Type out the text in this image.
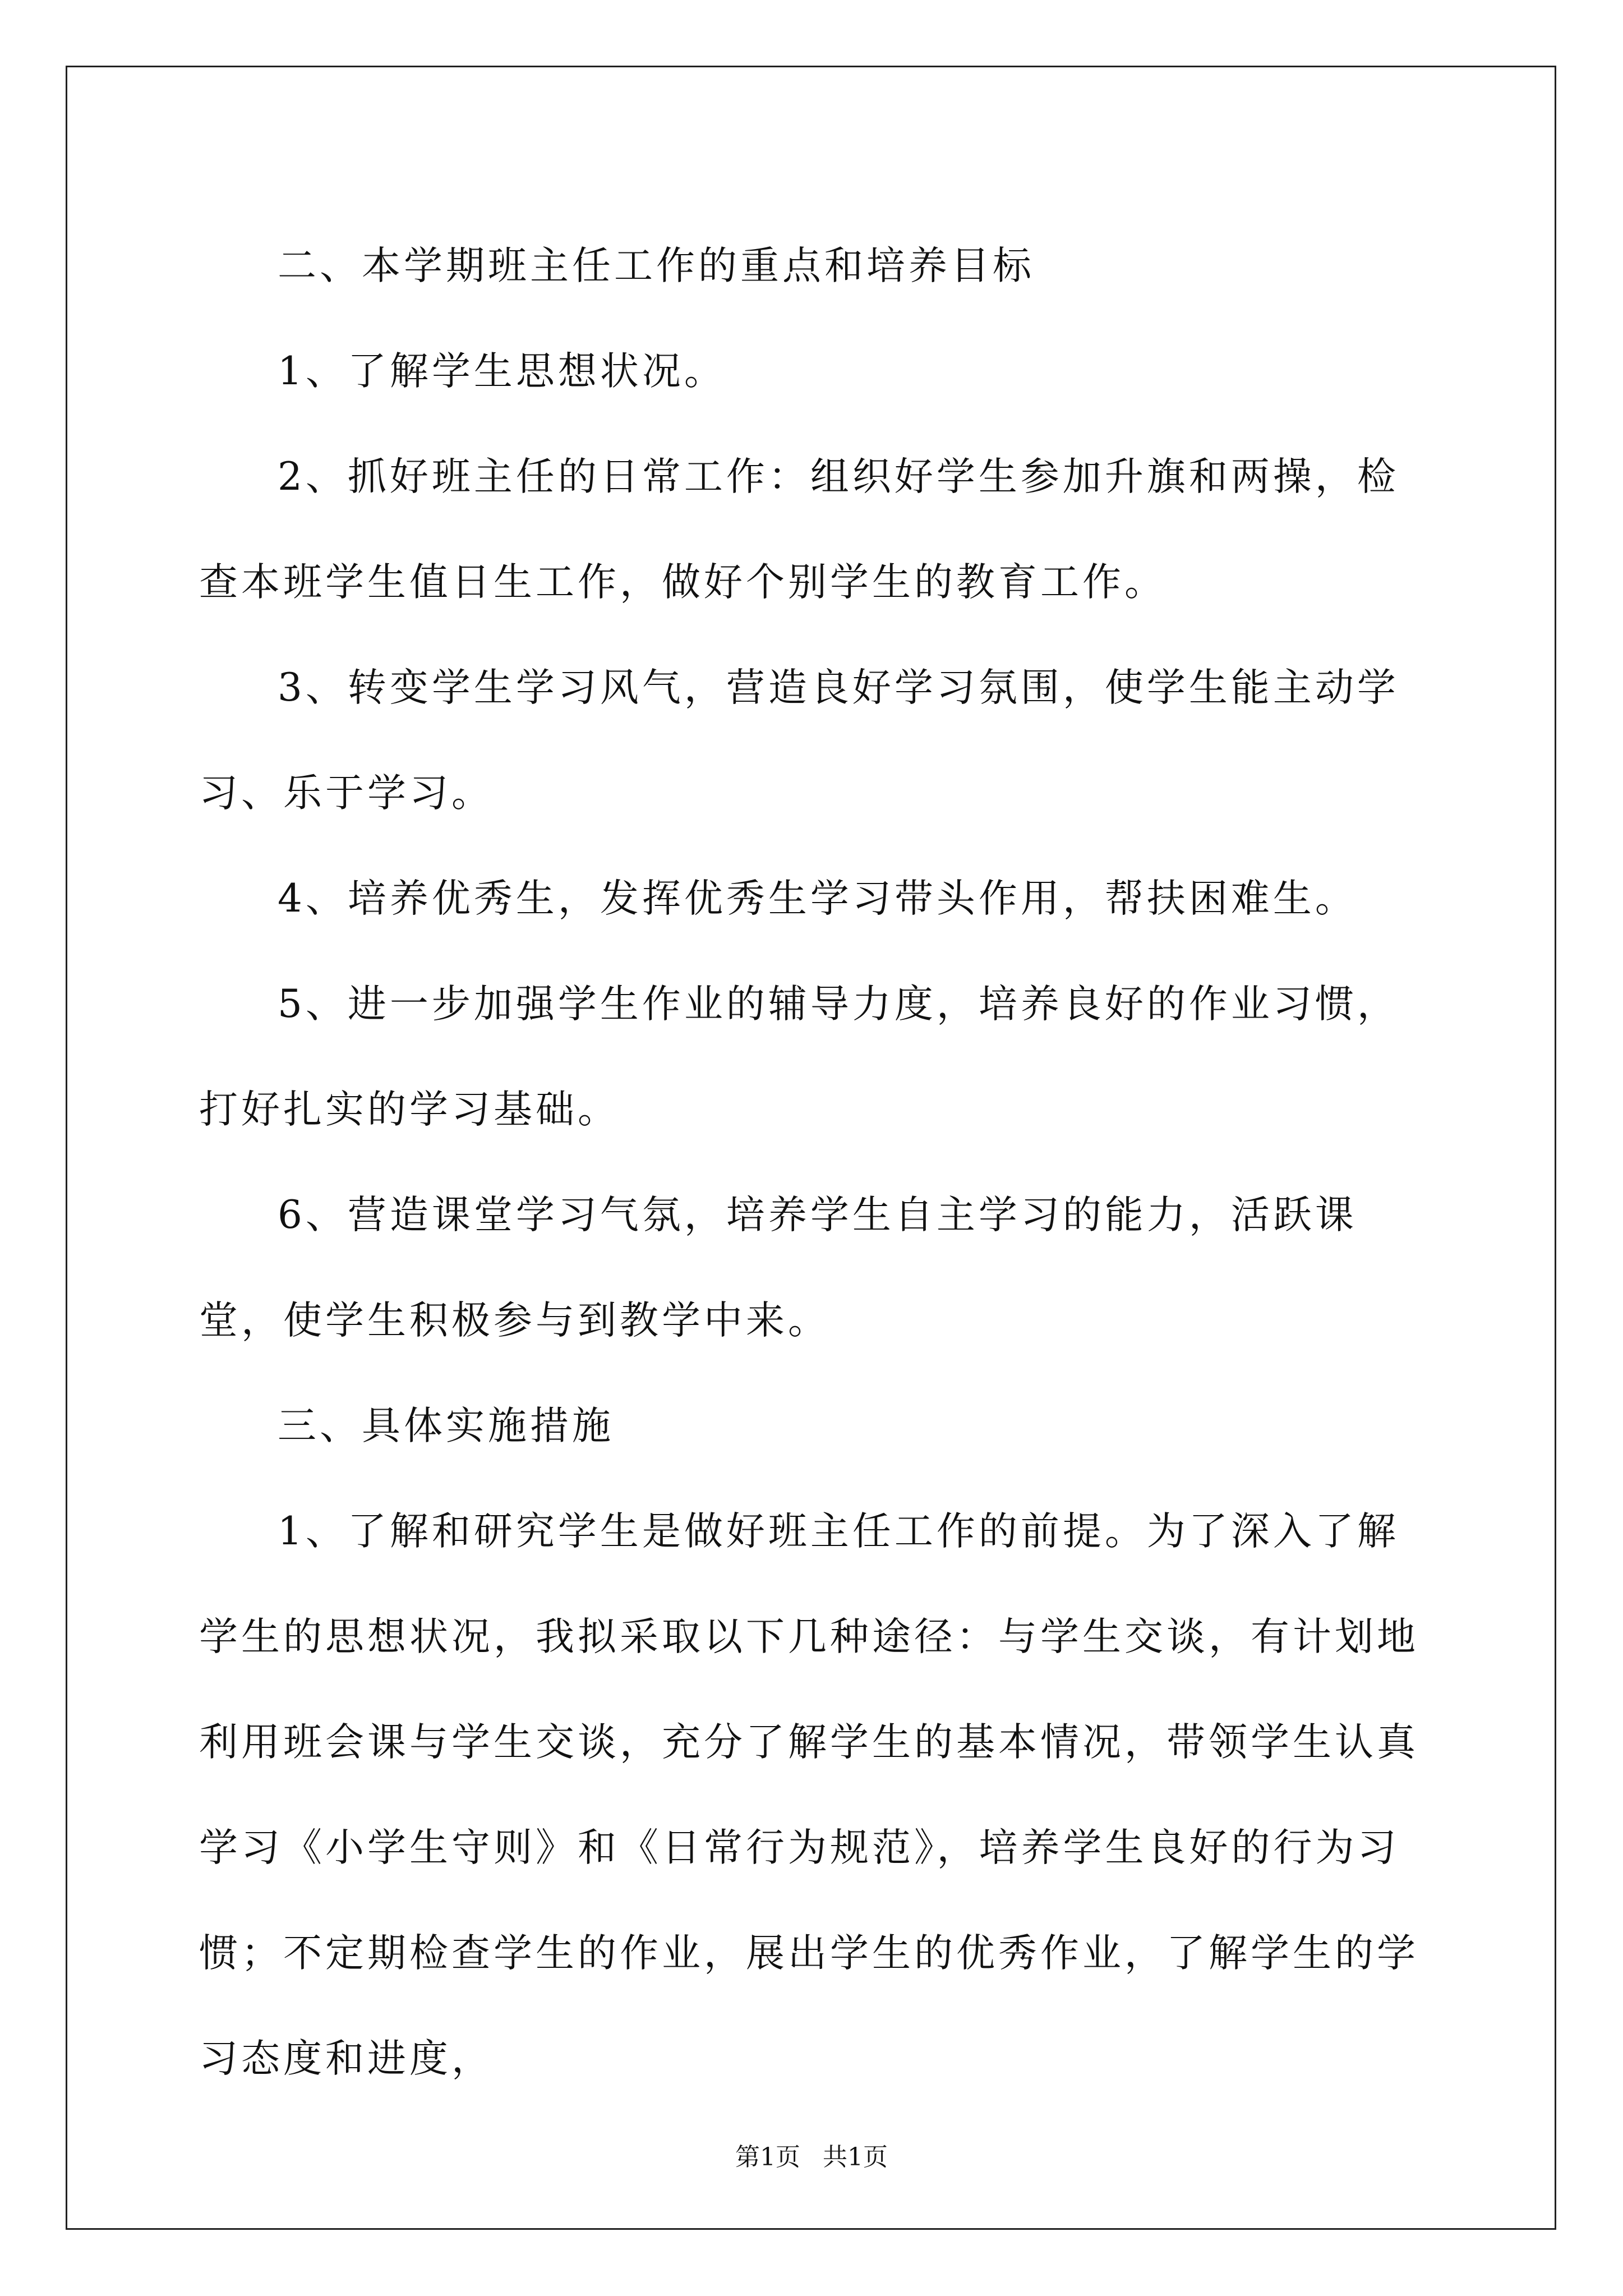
二、本学期班主任工作的重点和培养目标

1、了解学生思想状况。

2、抓好班主任的日常工作：组织好学生参加升旗和两操，检查本班学生值日生工作，做好个别学生的教育工作。

3、转变学生学习风气，营造良好学习氛围，使学生能主动学习、乐于学习。

4、培养优秀生，发挥优秀生学习带头作用，帮扶困难生。

5、进一步加强学生作业的辅导力度，培养良好的作业习惯，打好扎实的学习基础。

6、营造课堂学习气氛，培养学生自主学习的能力，活跃课堂，使学生积极参与到教学中来。

三、具体实施措施

1、了解和研究学生是做好班主任工作的前提。为了深入了解学生的思想状况，我拟采取以下几种途径：与学生交谈，有计划地利用班会课与学生交谈，充分了解学生的基本情况，带领学生认真学习《小学生守则》和《日常行为规范》，培养学生良好的行为习惯；不定期检查学生的作业，展出学生的优秀作业，了解学生的学习态度和进度，

第1页 共1页
